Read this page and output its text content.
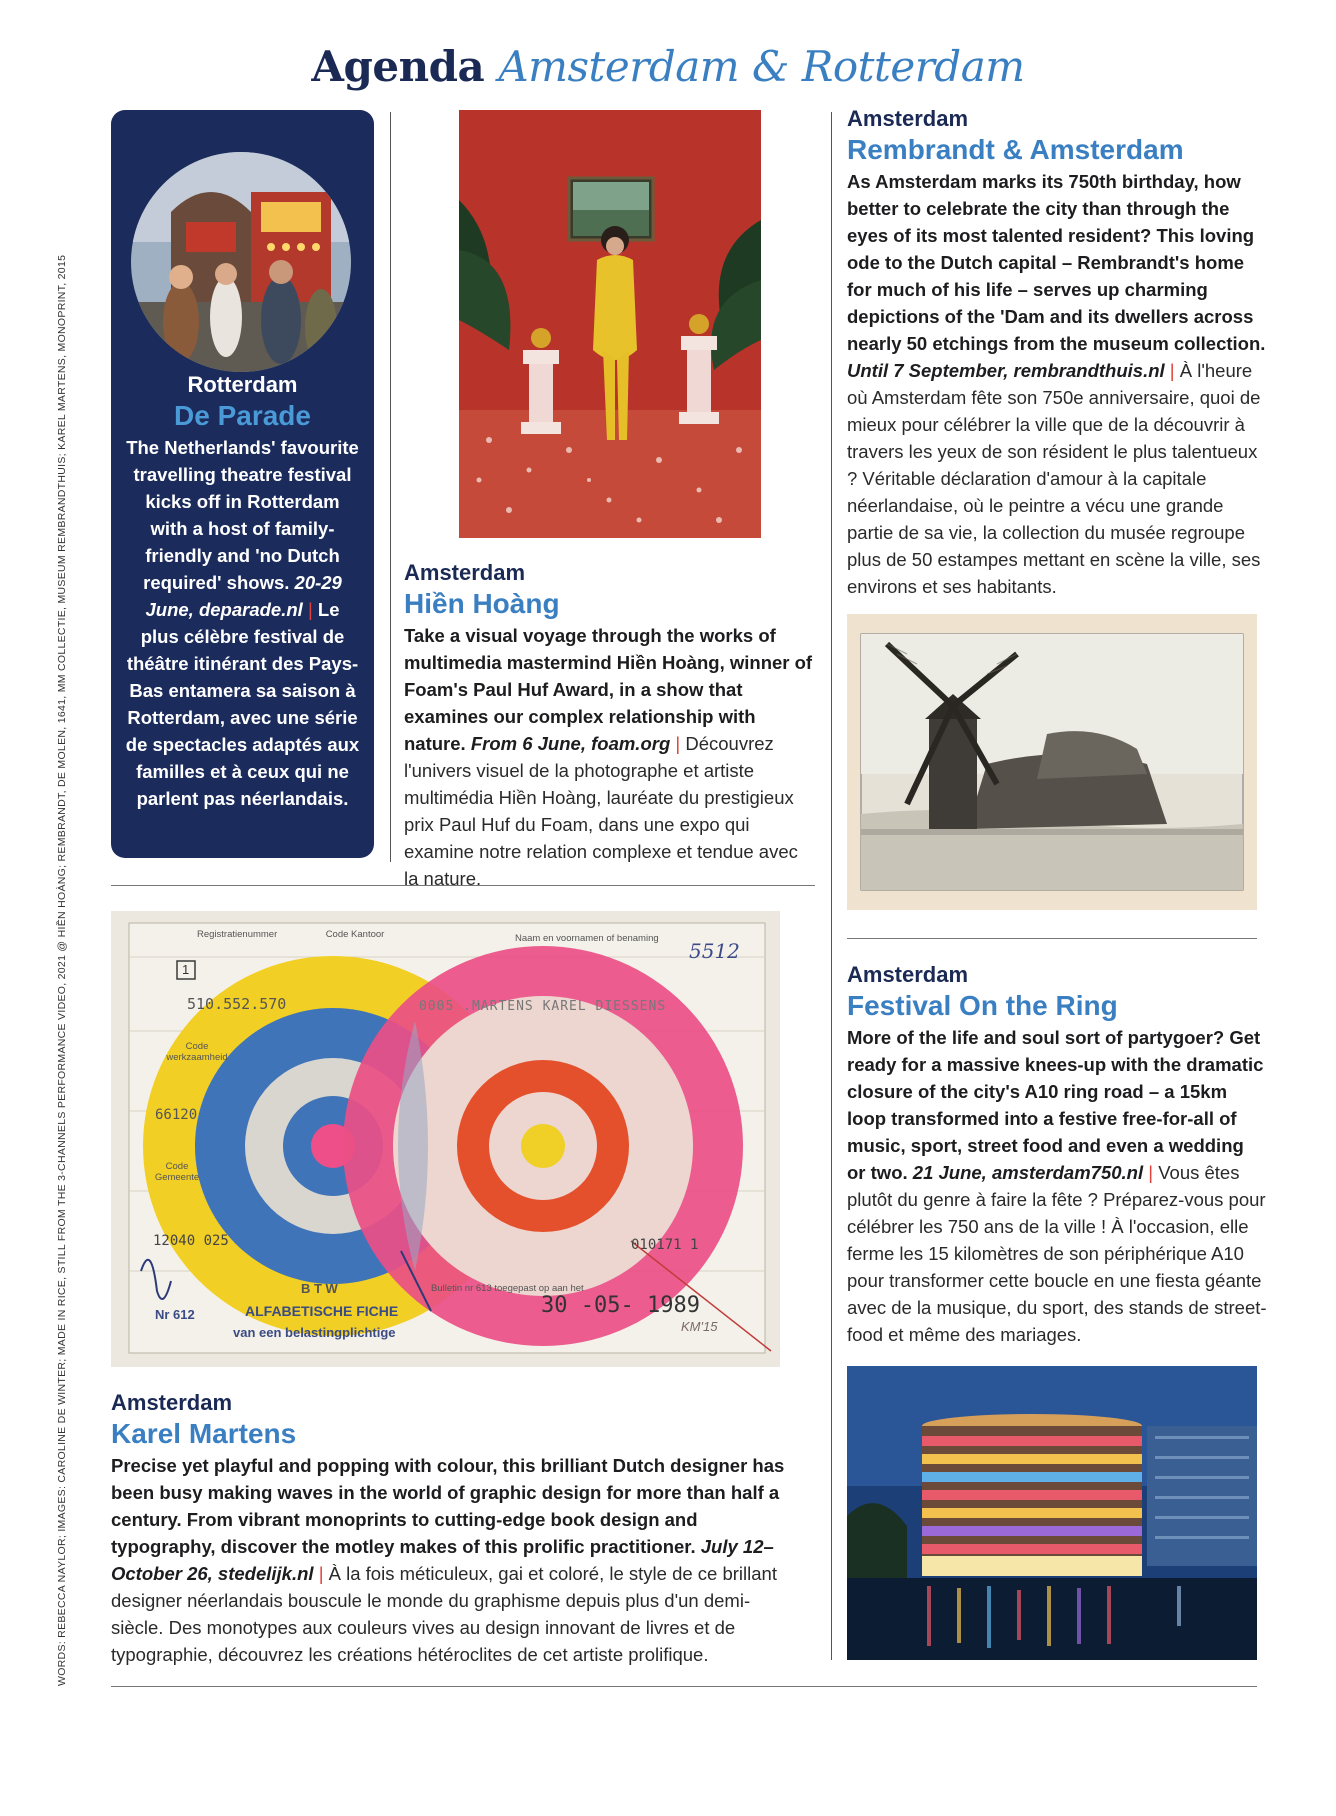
Agenda Amsterdam & Rotterdam
WORDS: REBECCA NAYLOR; IMAGES: CAROLINE DE WINTER; MADE IN RICE, STILL FROM THE 3-CHANNELS PERFORMANCE VIDEO, 2021 @ HIỀN HOÀNG; REMBRANDT, DE MOLEN, 1641, MM COLLECTIE, MUSEUM REMBRANDTHUIS; KAREL MARTENS, MONOPRINT, 2015	Rotterdam
De Parade
The Netherlands' favourite travelling theatre festival kicks off in Rotterdam with a host of family-friendly and 'no Dutch required' shows. 20-29 June, deparade.nl | Le plus célèbre festival de théâtre itinérant des Pays-Bas entamera sa saison à Rotterdam, avec une série de spectacles adaptés aux familles et à ceux qui ne parlent pas néerlandais.
Amsterdam
Hiền Hoàng
Take a visual voyage through the works of multimedia mastermind Hiền Hoàng, winner of Foam's Paul Huf Award, in a show that examines our complex relationship with nature. From 6 June, foam.org | Découvrez l'univers visuel de la photographe et artiste multimédia Hiền Hoàng, lauréate du prestigieux prix Paul Huf du Foam, dans une expo qui examine notre relation complexe et tendue avec la nature.
Amsterdam
Rembrandt & Amsterdam
As Amsterdam marks its 750th birthday, how better to celebrate the city than through the eyes of its most talented resident? This loving ode to the Dutch capital – Rembrandt's home for much of his life – serves up charming depictions of the 'Dam and its dwellers across nearly 50 etchings from the museum collection. Until 7 September, rembrandthuis.nl | À l'heure où Amsterdam fête son 750e anniversaire, quoi de mieux pour célébrer la ville que de la découvrir à travers les yeux de son résident le plus talentueux ? Véritable déclaration d'amour à la capitale néerlandaise, où le peintre a vécu une grande partie de sa vie, la collection du musée regroupe plus de 50 estampes mettant en scène la ville, ses environs et ses habitants.
Amsterdam
Festival On the Ring
More of the life and soul sort of partygoer? Get ready for a massive knees-up with the dramatic closure of the city's A10 ring road – a 15km loop transformed into a festive free-for-all of music, sport, street food and even a wedding or two. 21 June, amsterdam750.nl | Vous êtes plutôt du genre à faire la fête ? Préparez-vous pour célébrer les 750 ans de la ville ! À l'occasion, elle ferme les 15 kilomètres de son périphérique A10 pour transformer cette boucle en une fiesta géante avec de la musique, du sport, des stands de street-food et même des mariages.
Registratienummer	Code Kantoor	Naam en voornamen of benaming
5512
1
510.552.570	0005 .MARTENS KAREL DIESSENS
Code werkzaamheid
66120
Code Gemeente
12040 025	010171 1
B T W
Nr 612	ALFABETISCHE FICHE
van een belastingplichtige
Bulletin nr 613 toegepast op aan het
30 -05- 1989
KM'15
Amsterdam
Karel Martens
Precise yet playful and popping with colour, this brilliant Dutch designer has been busy making waves in the world of graphic design for more than half a century. From vibrant monoprints to cutting-edge book design and typography, discover the motley makes of this prolific practitioner. July 12–October 26, stedelijk.nl | À la fois méticuleux, gai et coloré, le style de ce brillant designer néerlandais bouscule le monde du graphisme depuis plus d'un demi-siècle. Des monotypes aux couleurs vives au design innovant de livres et de typographie, découvrez les créations hétéroclites de cet artiste prolifique.
